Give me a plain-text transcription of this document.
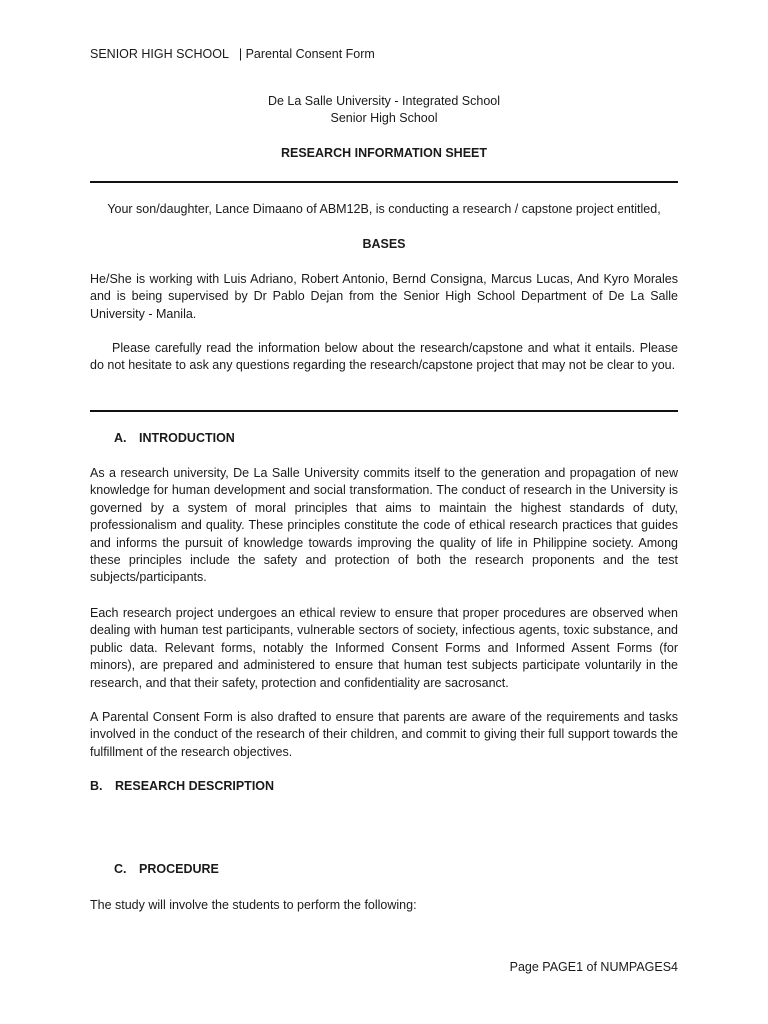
SENIOR HIGH SCHOOL   | Parental Consent Form
De La Salle University - Integrated School
Senior High School
RESEARCH INFORMATION SHEET
Your son/daughter, Lance Dimaano of ABM12B, is conducting a research / capstone project entitled,
BASES
He/She is working with Luis Adriano, Robert Antonio, Bernd Consigna, Marcus Lucas, And Kyro Morales and is being supervised by Dr Pablo Dejan from the Senior High School Department of De La Salle University - Manila.
Please carefully read the information below about the research/capstone and what it entails. Please do not hesitate to ask any questions regarding the research/capstone project that may not be clear to you.
A. INTRODUCTION
As a research university, De La Salle University commits itself to the generation and propagation of new knowledge for human development and social transformation. The conduct of research in the University is governed by a system of moral principles that aims to maintain the highest standards of duty, professionalism and quality. These principles constitute the code of ethical research practices that guides and informs the pursuit of knowledge towards improving the quality of life in Philippine society. Among these principles include the safety and protection of both the research proponents and the test subjects/participants.
Each research project undergoes an ethical review to ensure that proper procedures are observed when dealing with human test participants, vulnerable sectors of society, infectious agents, toxic substance, and public data. Relevant forms, notably the Informed Consent Forms and Informed Assent Forms (for minors), are prepared and administered to ensure that human test subjects participate voluntarily in the research, and that their safety, protection and confidentiality are sacrosanct.
A Parental Consent Form is also drafted to ensure that parents are aware of the requirements and tasks involved in the conduct of the research of their children, and commit to giving their full support towards the fulfillment of the research objectives.
B. RESEARCH DESCRIPTION
C. PROCEDURE
The study will involve the students to perform the following:
Page PAGE1 of NUMPAGES4
